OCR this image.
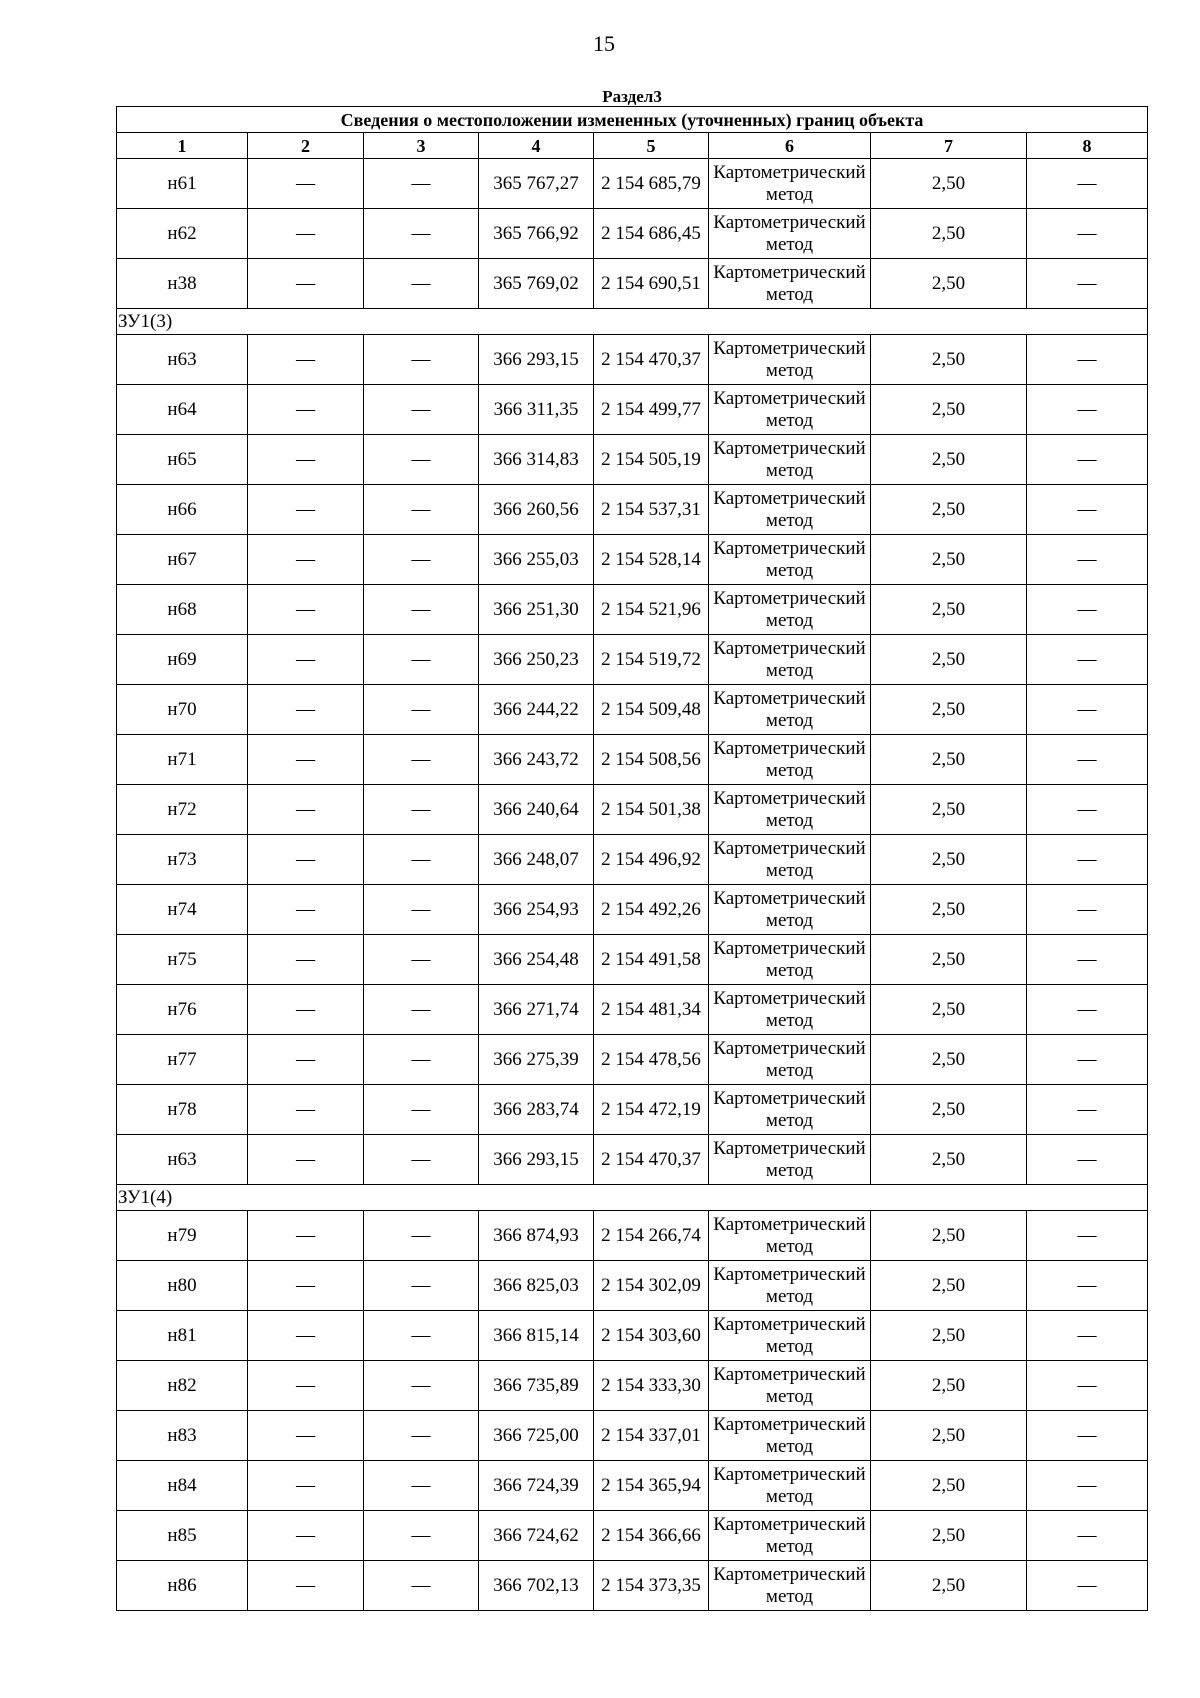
15
Раздел3							
Сведения о местоположении измененных (уточненных) границ объекта							
1	2	3	4	5	6	7	8
н61	—	—	365 767,27	2 154 685,79	Картометрический метод	2,50	—
н62	—	—	365 766,92	2 154 686,45	Картометрический метод	2,50	—
н38	—	—	365 769,02	2 154 690,51	Картометрический метод	2,50	—
ЗУ1(3)							
н63	—	—	366 293,15	2 154 470,37	Картометрический метод	2,50	—
н64	—	—	366 311,35	2 154 499,77	Картометрический метод	2,50	—
н65	—	—	366 314,83	2 154 505,19	Картометрический метод	2,50	—
н66	—	—	366 260,56	2 154 537,31	Картометрический метод	2,50	—
н67	—	—	366 255,03	2 154 528,14	Картометрический метод	2,50	—
н68	—	—	366 251,30	2 154 521,96	Картометрический метод	2,50	—
н69	—	—	366 250,23	2 154 519,72	Картометрический метод	2,50	—
н70	—	—	366 244,22	2 154 509,48	Картометрический метод	2,50	—
н71	—	—	366 243,72	2 154 508,56	Картометрический метод	2,50	—
н72	—	—	366 240,64	2 154 501,38	Картометрический метод	2,50	—
н73	—	—	366 248,07	2 154 496,92	Картометрический метод	2,50	—
н74	—	—	366 254,93	2 154 492,26	Картометрический метод	2,50	—
н75	—	—	366 254,48	2 154 491,58	Картометрический метод	2,50	—
н76	—	—	366 271,74	2 154 481,34	Картометрический метод	2,50	—
н77	—	—	366 275,39	2 154 478,56	Картометрический метод	2,50	—
н78	—	—	366 283,74	2 154 472,19	Картометрический метод	2,50	—
н63	—	—	366 293,15	2 154 470,37	Картометрический метод	2,50	—
ЗУ1(4)							
н79	—	—	366 874,93	2 154 266,74	Картометрический метод	2,50	—
н80	—	—	366 825,03	2 154 302,09	Картометрический метод	2,50	—
н81	—	—	366 815,14	2 154 303,60	Картометрический метод	2,50	—
н82	—	—	366 735,89	2 154 333,30	Картометрический метод	2,50	—
н83	—	—	366 725,00	2 154 337,01	Картометрический метод	2,50	—
н84	—	—	366 724,39	2 154 365,94	Картометрический метод	2,50	—
н85	—	—	366 724,62	2 154 366,66	Картометрический метод	2,50	—
н86	—	—	366 702,13	2 154 373,35	Картометрический метод	2,50	—
